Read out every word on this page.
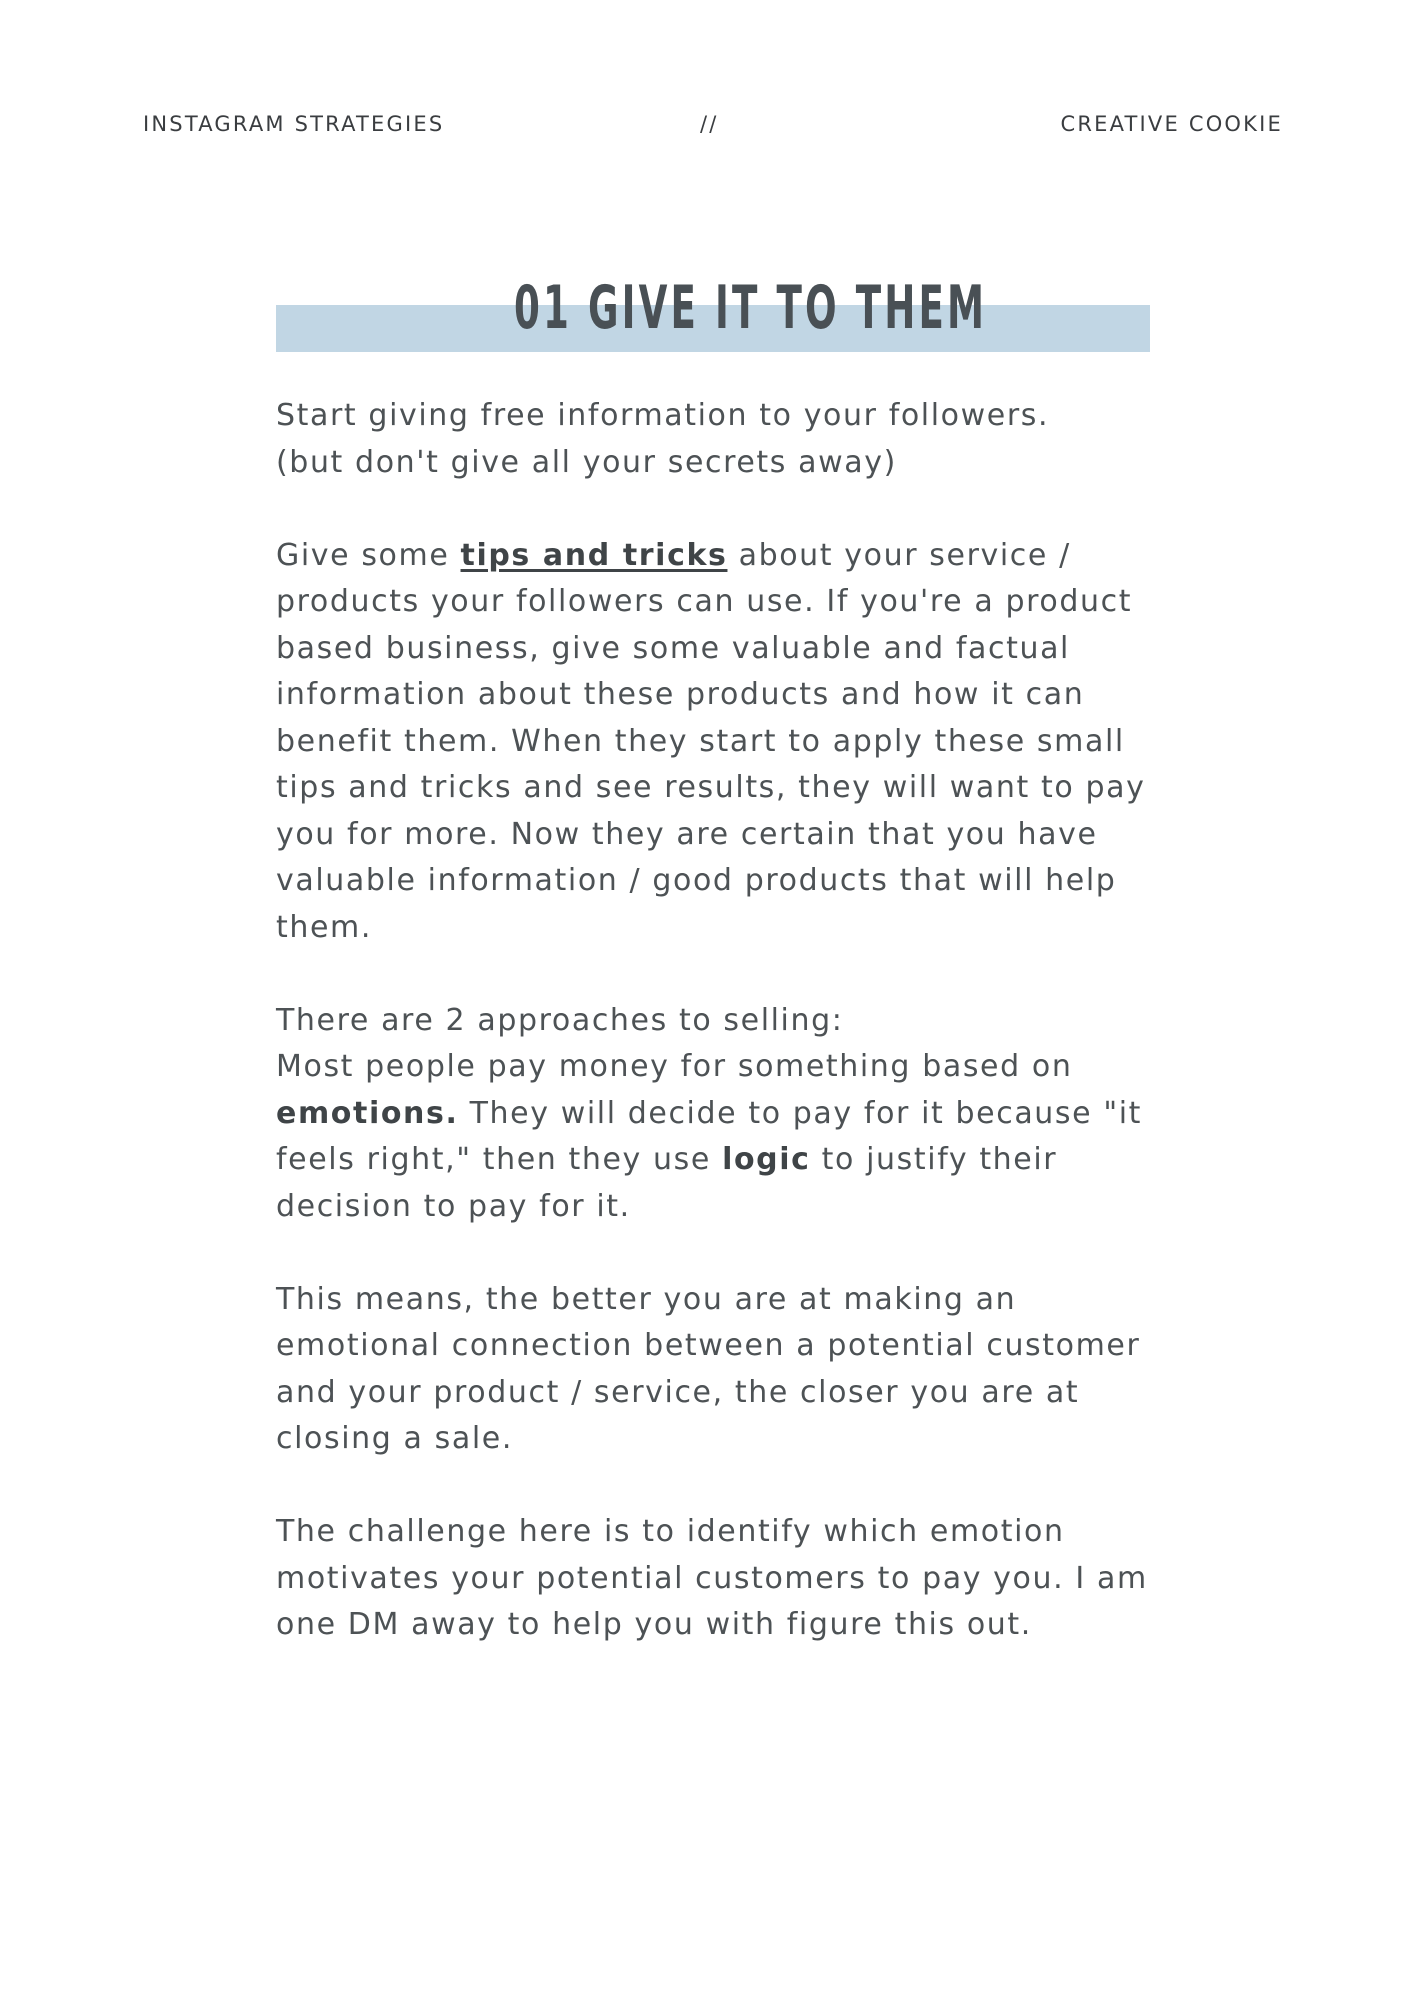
INSTAGRAM STRATEGIES	//	CREATIVE COOKIE
01 GIVE IT TO THEM

Start giving free information to your followers.
(but don't give all your secrets away)

Give some tips and tricks about your service / products your followers can use. If you're a product based business, give some valuable and factual information about these products and how it can benefit them. When they start to apply these small tips and tricks and see results, they will want to pay you for more. Now they are certain that you have valuable information / good products that will help them.

There are 2 approaches to selling:
Most people pay money for something based on emotions. They will decide to pay for it because "it feels right," then they use logic to justify their decision to pay for it.

This means, the better you are at making an emotional connection between a potential customer and your product / service, the closer you are at closing a sale.

The challenge here is to identify which emotion motivates your potential customers to pay you. I am one DM away to help you with figure this out.
